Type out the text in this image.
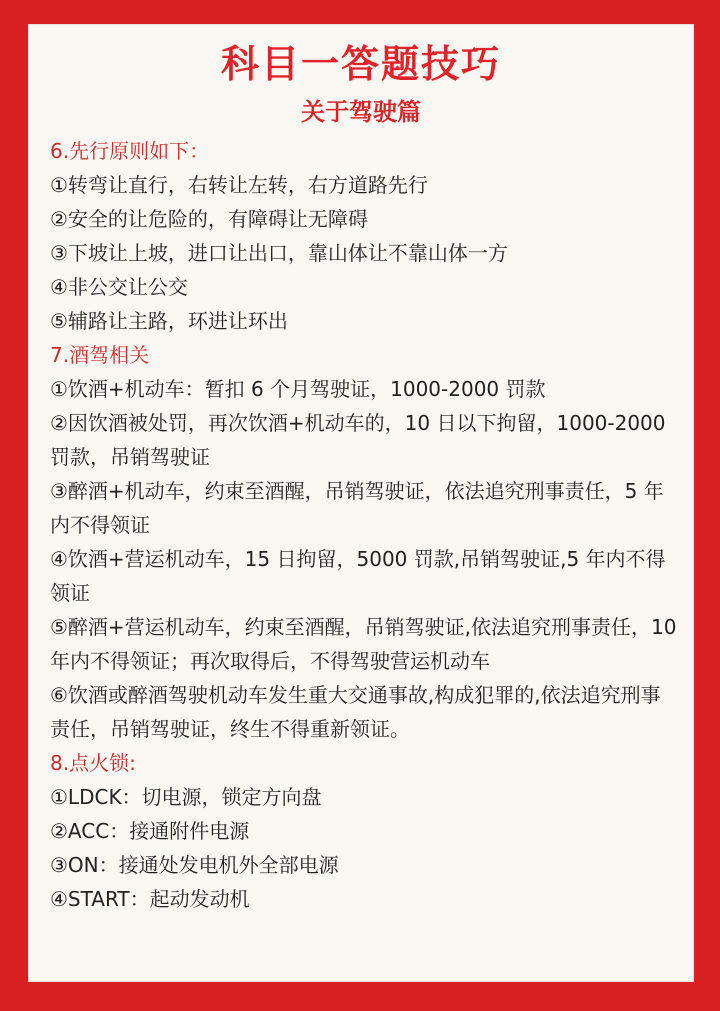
科目一答题技巧
关于驾驶篇
6.先行原则如下：
①转弯让直行，右转让左转，右方道路先行
②安全的让危险的，有障碍让无障碍
③下坡让上坡，进口让出口，靠山体让不靠山体一方
④非公交让公交
⑤辅路让主路，环进让环出
7.酒驾相关
①饮酒+机动车：暂扣 6 个月驾驶证，1000-2000 罚款
②因饮酒被处罚，再次饮酒+机动车的，10 日以下拘留，1000-2000 罚款，吊销驾驶证
③醉酒+机动车，约束至酒醒，吊销驾驶证，依法追究刑事责任，5 年内不得领证
④饮酒+营运机动车，15 日拘留，5000 罚款,吊销驾驶证,5 年内不得领证
⑤醉酒+营运机动车，约束至酒醒，吊销驾驶证,依法追究刑事责任，10 年内不得领证；再次取得后，不得驾驶营运机动车
⑥饮酒或醉酒驾驶机动车发生重大交通事故,构成犯罪的,依法追究刑事责任，吊销驾驶证，终生不得重新领证。
8.点火锁:
①LDCK：切电源，锁定方向盘
②ACC：接通附件电源
③ON：接通处发电机外全部电源
④START：起动发动机
